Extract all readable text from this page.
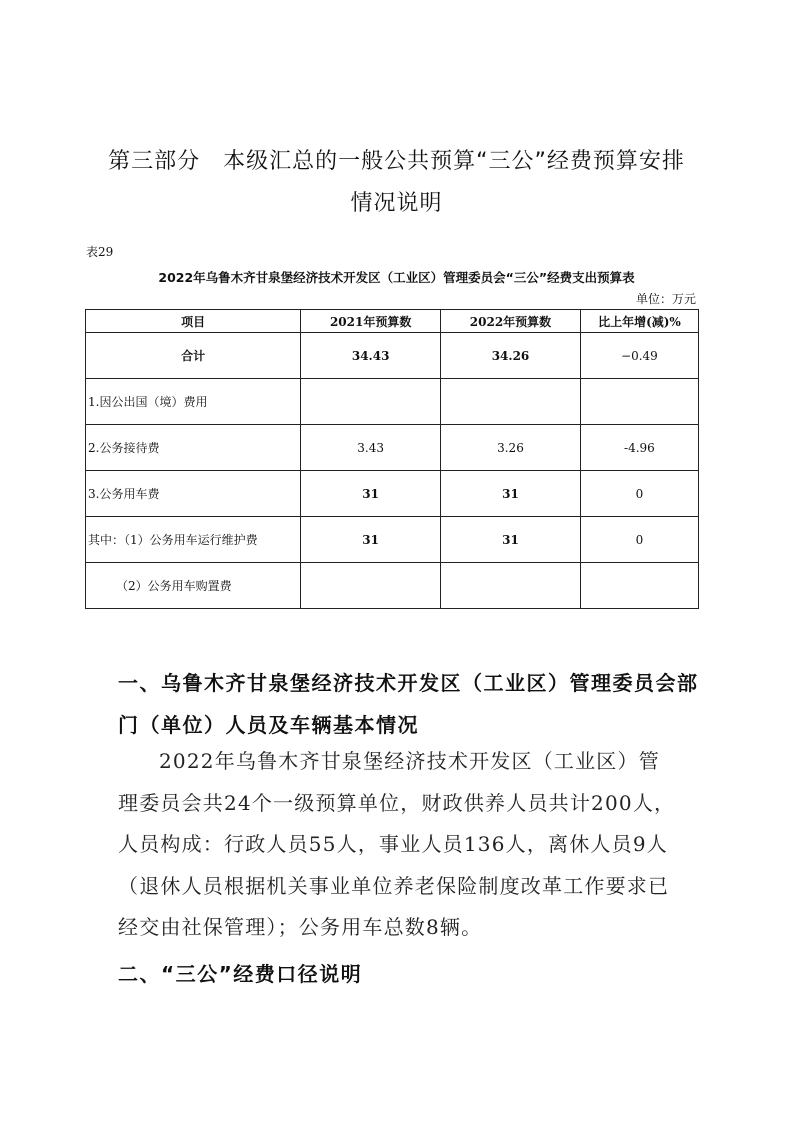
第三部分　本级汇总的一般公共预算“三公”经费预算安排
情况说明
表29
2022年乌鲁木齐甘泉堡经济技术开发区（工业区）管理委员会“三公”经费支出预算表
单位：万元
项目	2021年预算数	2022年预算数	比上年增(减)%
合计	34.43	34.26	−0.49
1.因公出国（境）费用			
2.公务接待费	3.43	3.26	-4.96
3.公务用车费	31	31	0
其中：（1）公务用车运行维护费	31	31	0
（2）公务用车购置费			
一、乌鲁木齐甘泉堡经济技术开发区（工业区）管理委员会部
门（单位）人员及车辆基本情况

2022年乌鲁木齐甘泉堡经济技术开发区（工业区）管理委员会共24个一级预算单位，财政供养人员共计200人，人员构成：行政人员55人，事业人员136人，离休人员9人（退休人员根据机关事业单位养老保险制度改革工作要求已经交由社保管理）；公务用车总数8辆。

二、“三公”经费口径说明
